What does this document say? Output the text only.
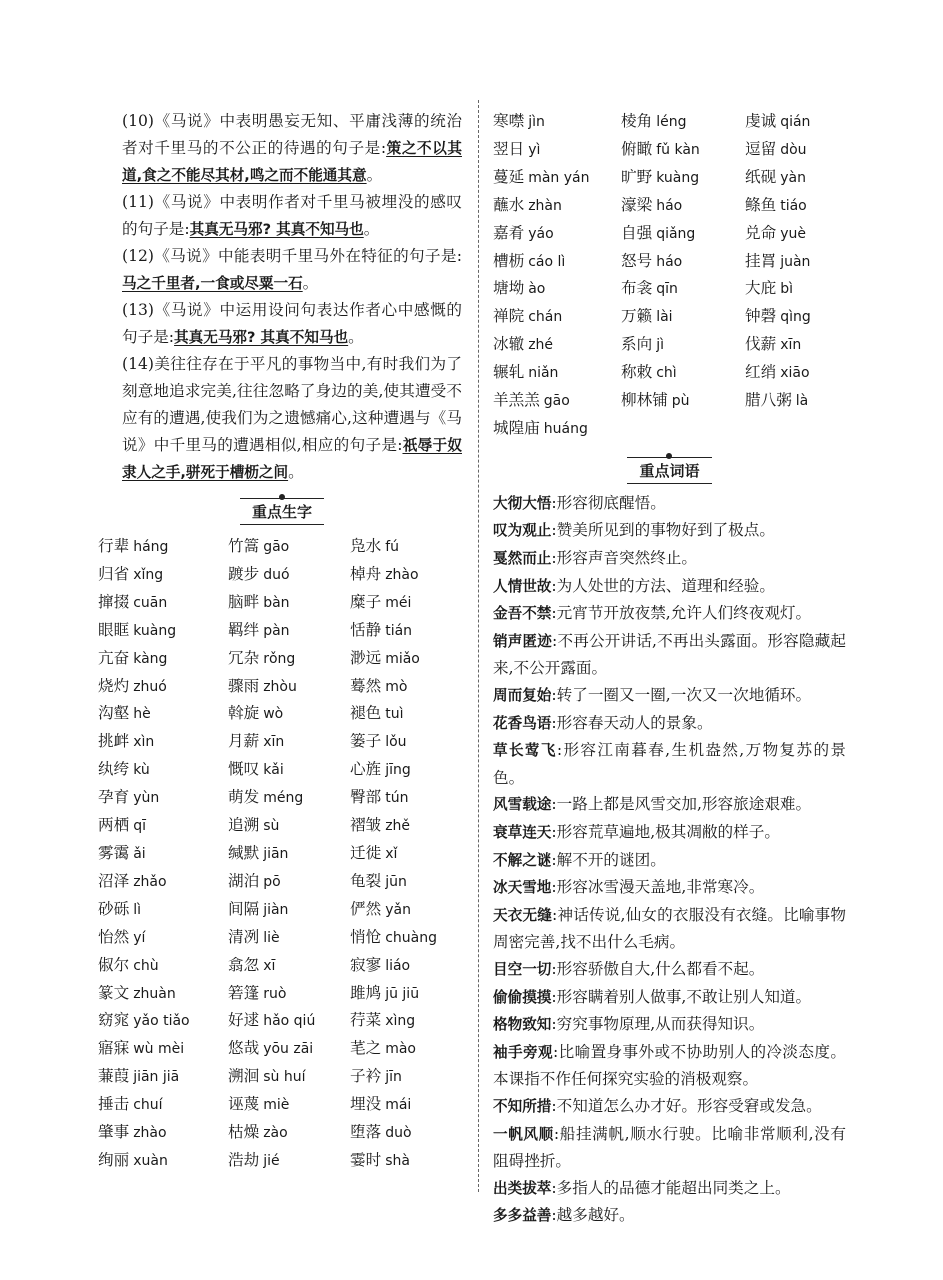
(10)《马说》中表明愚妄无知、平庸浅薄的统治者对千里马的不公正的待遇的句子是:策之不以其道,食之不能尽其材,鸣之而不能通其意。

(11)《马说》中表明作者对千里马被埋没的感叹的句子是:其真无马邪? 其真不知马也。

(12)《马说》中能表明千里马外在特征的句子是:马之千里者,一食或尽粟一石。

(13)《马说》中运用设问句表达作者心中感慨的句子是:其真无马邪? 其真不知马也。

(14)美往往存在于平凡的事物当中,有时我们为了刻意地追求完美,往往忽略了身边的美,使其遭受不应有的遭遇,使我们为之遗憾痛心,这种遭遇与《马说》中千里马的遭遇相似,相应的句子是:祇辱于奴隶人之手,骈死于槽枥之间。

重点生字
行辈 háng	竹篙 gāo	凫水 fú
归省 xǐng	踱步 duó	棹舟 zhào
撺掇 cuān	脑畔 bàn	糜子 méi
眼眶 kuàng	羁绊 pàn	恬静 tián
亢奋 kàng	冗杂 rǒng	渺远 miǎo
烧灼 zhuó	骤雨 zhòu	蓦然 mò
沟壑 hè	斡旋 wò	褪色 tuì
挑衅 xìn	月薪 xīn	篓子 lǒu
纨绔 kù	慨叹 kǎi	心旌 jīng
孕育 yùn	萌发 méng	臀部 tún
两栖 qī	追溯 sù	褶皱 zhě
雾霭 ǎi	缄默 jiān	迁徙 xǐ
沼泽 zhǎo	湖泊 pō	龟裂 jūn
砂砾 lì	间隔 jiàn	俨然 yǎn
怡然 yí	清冽 liè	悄怆 chuàng
俶尔 chù	翕忽 xī	寂寥 liáo
篆文 zhuàn	箬篷 ruò	雎鸠 jū jiū
窈窕 yǎo tiǎo	好逑 hǎo qiú	荇菜 xìng
寤寐 wù mèi	悠哉 yōu zāi	芼之 mào
蒹葭 jiān jiā	溯洄 sù huí	子衿 jīn
捶击 chuí	诬蔑 miè	埋没 mái
肇事 zhào	枯燥 zào	堕落 duò
绚丽 xuàn	浩劫 jié	霎时 shà
寒噤 jìn	棱角 léng	虔诚 qián
翌日 yì	俯瞰 fǔ kàn	逗留 dòu
蔓延 màn yán	旷野 kuàng	纸砚 yàn
蘸水 zhàn	濠梁 háo	鲦鱼 tiáo
嘉肴 yáo	自强 qiǎng	兑命 yuè
槽枥 cáo lì	怒号 háo	挂罥 juàn
塘坳 ào	布衾 qīn	大庇 bì
禅院 chán	万籁 lài	钟磬 qìng
冰辙 zhé	系向 jì	伐薪 xīn
辗轧 niǎn	称敕 chì	红绡 xiāo
羊羔羔 gāo	柳林铺 pù	腊八粥 là
城隍庙 huáng
重点词语
大彻大悟:形容彻底醒悟。
叹为观止:赞美所见到的事物好到了极点。
戛然而止:形容声音突然终止。
人情世故:为人处世的方法、道理和经验。
金吾不禁:元宵节开放夜禁,允许人们终夜观灯。
销声匿迹:不再公开讲话,不再出头露面。形容隐藏起来,不公开露面。
周而复始:转了一圈又一圈,一次又一次地循环。
花香鸟语:形容春天动人的景象。
草长莺飞:形容江南暮春,生机盎然,万物复苏的景色。
风雪载途:一路上都是风雪交加,形容旅途艰难。
衰草连天:形容荒草遍地,极其凋敝的样子。
不解之谜:解不开的谜团。
冰天雪地:形容冰雪漫天盖地,非常寒冷。
天衣无缝:神话传说,仙女的衣服没有衣缝。比喻事物周密完善,找不出什么毛病。
目空一切:形容骄傲自大,什么都看不起。
偷偷摸摸:形容瞒着别人做事,不敢让别人知道。
格物致知:穷究事物原理,从而获得知识。
袖手旁观:比喻置身事外或不协助别人的冷淡态度。本课指不作任何探究实验的消极观察。
不知所措:不知道怎么办才好。形容受窘或发急。
一帆风顺:船挂满帆,顺水行驶。比喻非常顺利,没有阻碍挫折。
出类拔萃:多指人的品德才能超出同类之上。
多多益善:越多越好。
